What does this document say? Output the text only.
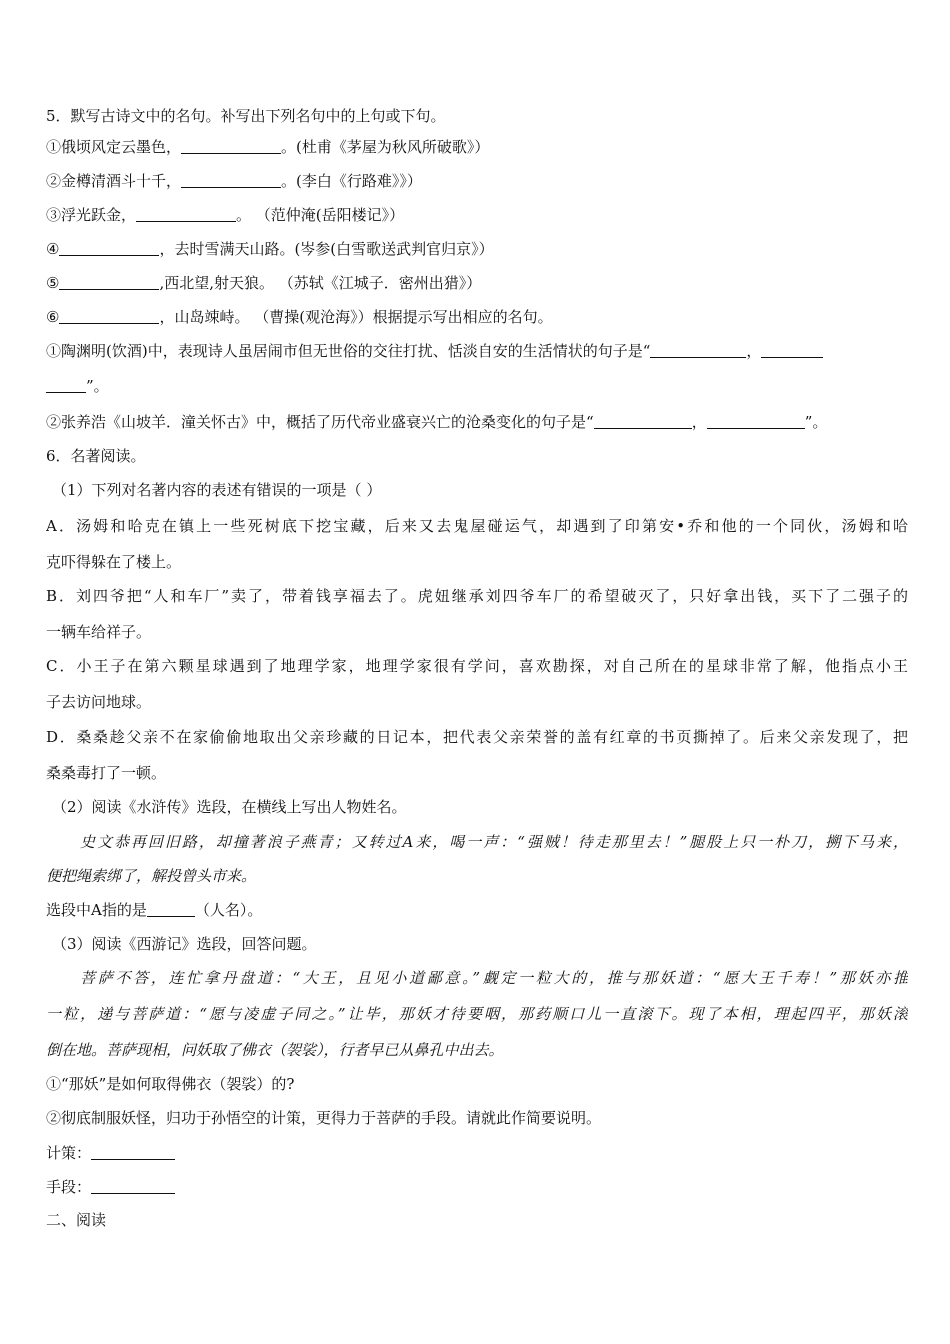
5．默写古诗文中的名句。补写出下列名句中的上句或下句。
①俄顷风定云墨色，	。(杜甫《茅屋为秋风所破歌》）
②金樽清酒斗十千，	。(李白《行路难》》）
③浮光跃金，	。 （范仲淹(岳阳楼记》）
④	，去时雪满天山路。(岑参(白雪歌送武判官归京》）
⑤	,西北望,射天狼。 （苏轼《江城子．密州出猎》）
⑥	，山岛竦峙。 （曹操(观沧海》）根据提示写出相应的名句。
①陶渊明(饮酒)中，表现诗人虽居闹市但无世俗的交往打扰、恬淡自安的生活情状的句子是“	，
”。
②张养浩《山坡羊．潼关怀古》中，概括了历代帝业盛衰兴亡的沧桑变化的句子是“	，	”。
6．名著阅读。
（1）下列对名著内容的表述有错误的一项是（ ）
A．汤姆和哈克在镇上一些死树底下挖宝藏，后来又去鬼屋碰运气，却遇到了印第安•乔和他的一个同伙，汤姆和哈
克吓得躲在了楼上。
B．刘四爷把“人和车厂”卖了，带着钱享福去了。虎妞继承刘四爷车厂的希望破灭了，只好拿出钱，买下了二强子的
一辆车给祥子。
C．小王子在第六颗星球遇到了地理学家，地理学家很有学问，喜欢勘探，对自己所在的星球非常了解，他指点小王
子去访问地球。
D．桑桑趁父亲不在家偷偷地取出父亲珍藏的日记本，把代表父亲荣誉的盖有红章的书页撕掉了。后来父亲发现了，把
桑桑毒打了一顿。
（2）阅读《水浒传》选段，在横线上写出人物姓名。
史文恭再回旧路，却撞著浪子燕青；又转过A来，喝一声：“强贼！待走那里去！”腿股上只一朴刀，搠下马来，
便把绳索绑了，解投曾头市来。
选段中A指的是	（人名）。
（3）阅读《西游记》选段，回答问题。
菩萨不答，连忙拿丹盘道：“大王，且见小道鄙意。”觑定一粒大的，推与那妖道：“愿大王千寿！”那妖亦推
一粒，递与菩萨道：“愿与凌虚子同之。”让毕，那妖才待要咽，那药顺口儿一直滚下。现了本相，理起四平，那妖滚
倒在地。菩萨现相，问妖取了佛衣（袈裟），行者早已从鼻孔中出去。
①“那妖”是如何取得佛衣（袈裟）的?
②彻底制服妖怪，归功于孙悟空的计策，更得力于菩萨的手段。请就此作简要说明。
计策：
手段：
二、阅读
